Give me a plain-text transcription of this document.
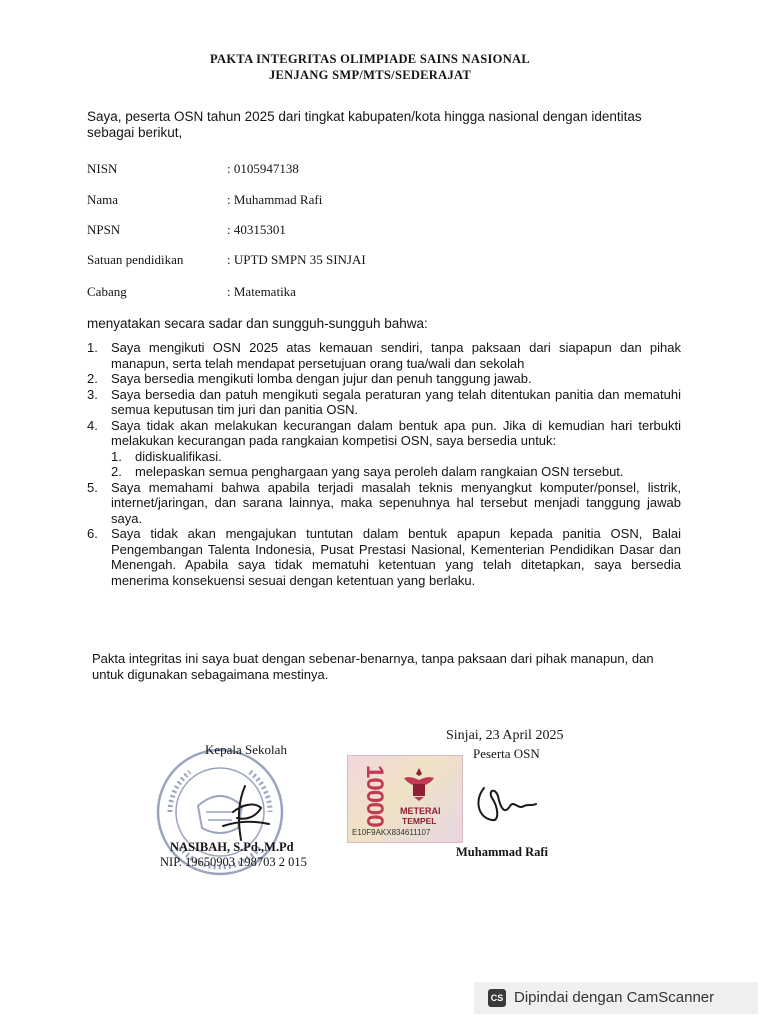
PAKTA INTEGRITAS OLIMPIADE SAINS NASIONAL
JENJANG SMP/MTS/SEDERAJAT
Saya, peserta OSN tahun 2025 dari tingkat kabupaten/kota hingga nasional dengan identitas sebagai berikut,
NISN	: 0105947138
Nama	: Muhammad Rafi
NPSN	: 40315301
Satuan pendidikan	: UPTD SMPN 35 SINJAI
Cabang	: Matematika
menyatakan secara sadar dan sungguh-sungguh bahwa:
1. Saya mengikuti OSN 2025 atas kemauan sendiri, tanpa paksaan dari siapapun dan pihak manapun, serta telah mendapat persetujuan orang tua/wali dan sekolah
2. Saya bersedia mengikuti lomba dengan jujur dan penuh tanggung jawab.
3. Saya bersedia dan patuh mengikuti segala peraturan yang telah ditentukan panitia dan mematuhi semua keputusan tim juri dan panitia OSN.
4. Saya tidak akan melakukan kecurangan dalam bentuk apa pun. Jika di kemudian hari terbukti melakukan kecurangan pada rangkaian kompetisi OSN, saya bersedia untuk:
1. didiskualifikasi.
2. melepaskan semua penghargaan yang saya peroleh dalam rangkaian OSN tersebut.
5. Saya memahami bahwa apabila terjadi masalah teknis menyangkut komputer/ponsel, listrik, internet/jaringan, dan sarana lainnya, maka sepenuhnya hal tersebut menjadi tanggung jawab saya.
6. Saya tidak akan mengajukan tuntutan dalam bentuk apapun kepada panitia OSN, Balai Pengembangan Talenta Indonesia, Pusat Prestasi Nasional, Kementerian Pendidikan Dasar dan Menengah. Apabila saya tidak mematuhi ketentuan yang telah ditetapkan, saya bersedia menerima konsekuensi sesuai dengan ketentuan yang berlaku.
Pakta integritas ini saya buat dengan sebenar-benarnya, tanpa paksaan dari pihak manapun, dan untuk digunakan sebagaimana mestinya.
Kepala Sekolah
NASIBAH, S.Pd.,M.Pd
NIP. 19650903 198703 2 015
10000	METERAI
TEMPEL
E10F9AKX834611107
Sinjai, 23 April 2025
Peserta OSN
Muhammad Rafi
CS Dipindai dengan CamScanner
